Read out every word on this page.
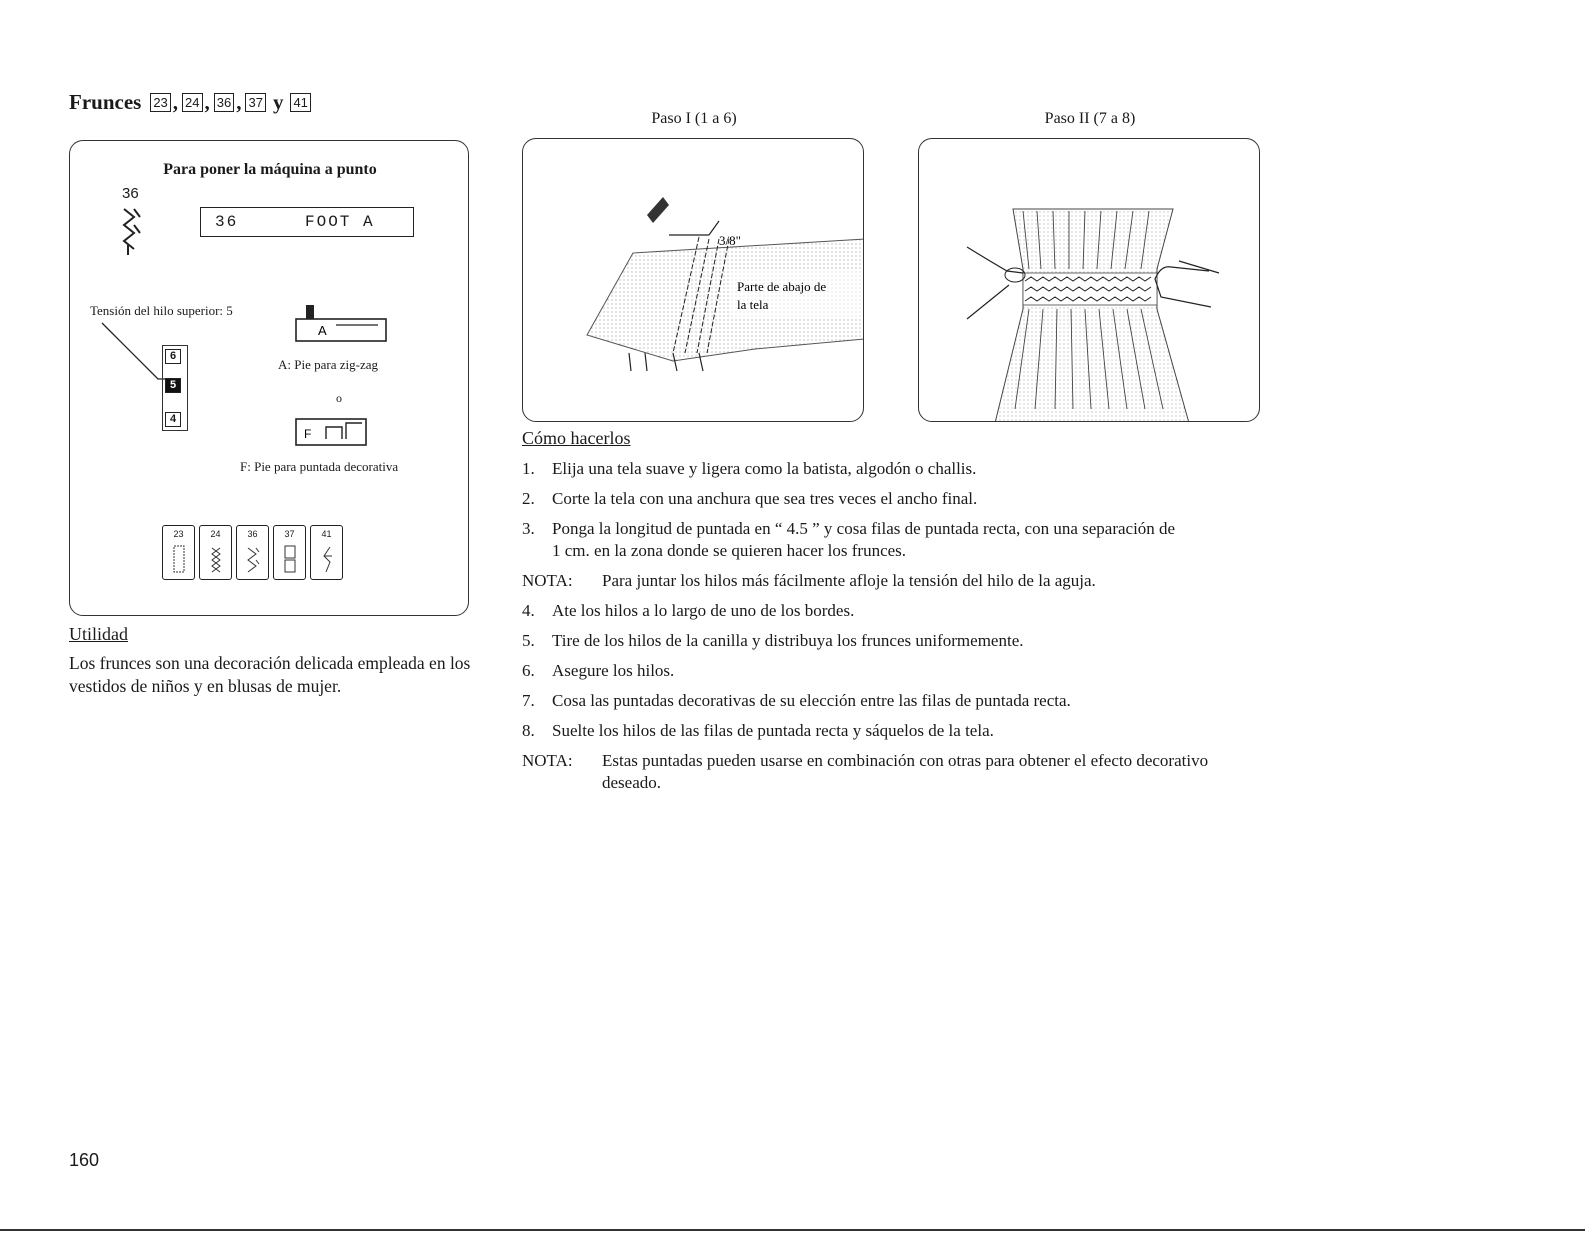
Frunces 23 , 24 , 36 , 37 y 41
Para poner la máquina a punto
36
36	FOOT A
Tensión del hilo superior: 5
6
5
4
A
A: Pie para zig-zag
o
F
F: Pie para puntada decorativa
23	24	36	37	41
Utilidad
Los frunces son una decoración delicada empleada en los vestidos de niños y en blusas de mujer.
Paso I (1 a 6)
3/8"
Parte de abajo de
la tela
Paso II (7 a 8)
Cómo hacerlos
1. Elija una tela suave y ligera como la batista, algodón o challis.
2. Corte la tela con una anchura que sea tres veces el ancho final.
3. Ponga la longitud de puntada en “ 4.5 ” y cosa filas de puntada recta, con una separación de 1 cm. en la zona donde se quieren hacer los frunces.
NOTA: Para juntar los hilos más fácilmente afloje la tensión del hilo de la aguja.
4. Ate los hilos a lo largo de uno de los bordes.
5. Tire de los hilos de la canilla y distribuya los frunces uniformemente.
6. Asegure los hilos.
7. Cosa las puntadas decorativas de su elección entre las filas de puntada recta.
8. Suelte los hilos de las filas de puntada recta y sáquelos de la tela.
NOTA: Estas puntadas pueden usarse en combinación con otras para obtener el efecto decorativo deseado.
160
